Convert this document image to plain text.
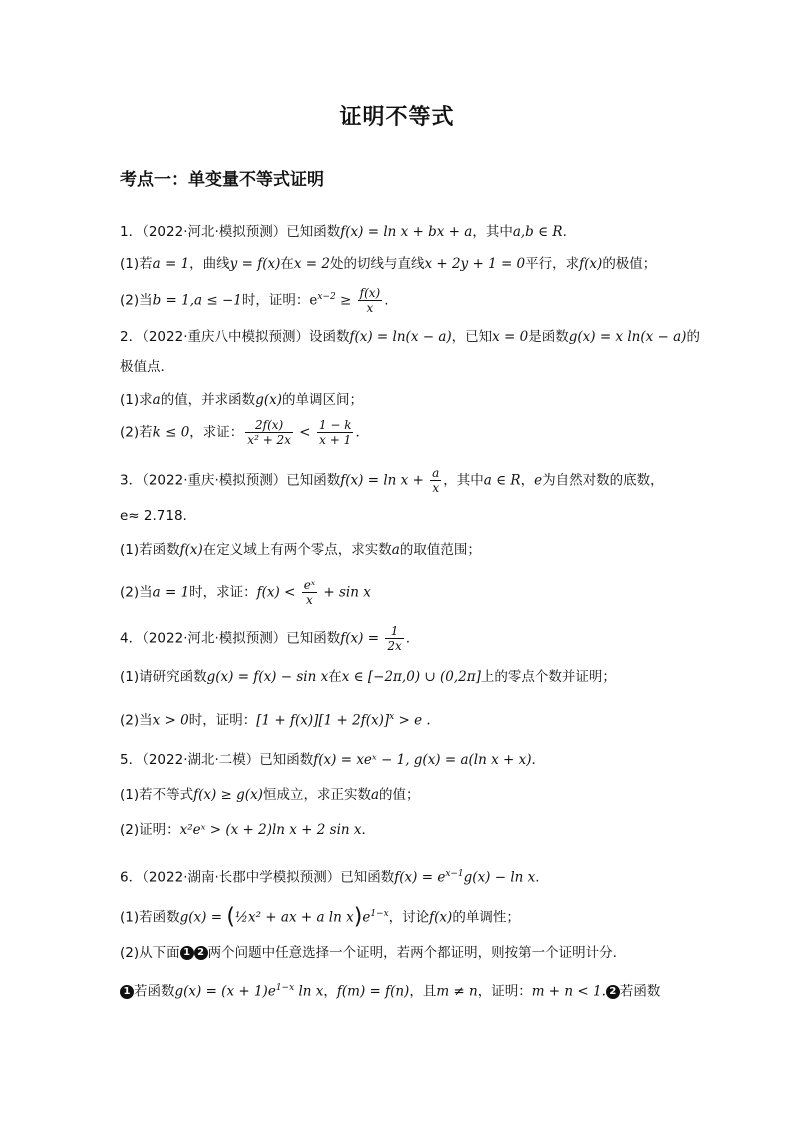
证明不等式
考点一：单变量不等式证明
1．（2022·河北·模拟预测）已知函数f(x) = ln x + bx + a，其中a,b ∈ R.
(1)若a = 1，曲线y = f(x)在x = 2处的切线与直线x + 2y + 1 = 0平行，求f(x)的极值；
(2)当b = 1,a ≤ −1时，证明：$e^{x-2} \ge \frac{f(x)}{x}$ .
2．（2022·重庆八中模拟预测）设函数f(x) = ln(x − a)，已知x = 0是函数g(x) = x ln(x − a)的
极值点．
(1)求a的值，并求函数g(x)的单调区间；
(2)若k ≤ 0，求证： $\frac{2f(x)}{\text{x² + 2x}} < \frac{1 - k}{x + 1}$ ．
3．（2022·重庆·模拟预测）已知函数$f(x) = \ln x + \frac{a}{x}$ ，其中a ∈ R，e为自然对数的底数，
e≈ 2.718.
(1)若函数f(x)在定义域上有两个零点，求实数a的取值范围；
(2)当a = 1时，求证：$f(x) < \frac{\text{eˣ}}{x} + \sin x$
4．（2022·河北·模拟预测）已知函数$f(x) = \frac{1}{2x}$ .
(1)请研究函数g(x) = f(x) − sin x在x ∈ [−2π,0) ∪ (0,2π]上的零点个数并证明；
(2)当x > 0时，证明：$[1 + f(x)][1 + 2f(x)]^x > e$ .
5．（2022·湖北·二模）已知函数f(x) = xeˣ − 1, g(x) = a(ln x + x)．
(1)若不等式f(x) ≥ g(x)恒成立，求正实数a的值；
(2)证明：x²eˣ > (x + 2)ln x + 2 sin x．
6．（2022·湖南·长郡中学模拟预测）已知函数$f(x) = e^{x-1}g(x) - \ln x$.
(1)若函数g(x) = (½x² + ax + a $\ln x)e^{1-x}$，讨论f(x)的单调性；
(2)从下面 1 2 两个问题中任意选择一个证明，若两个都证明，则按第一个证明计分.
1 若函数$g(x) = (x + 1)e^{1-x}$ ln x，f(m) = f(n)，且m ≠ n，证明：m + n < 1. 2 若函数
